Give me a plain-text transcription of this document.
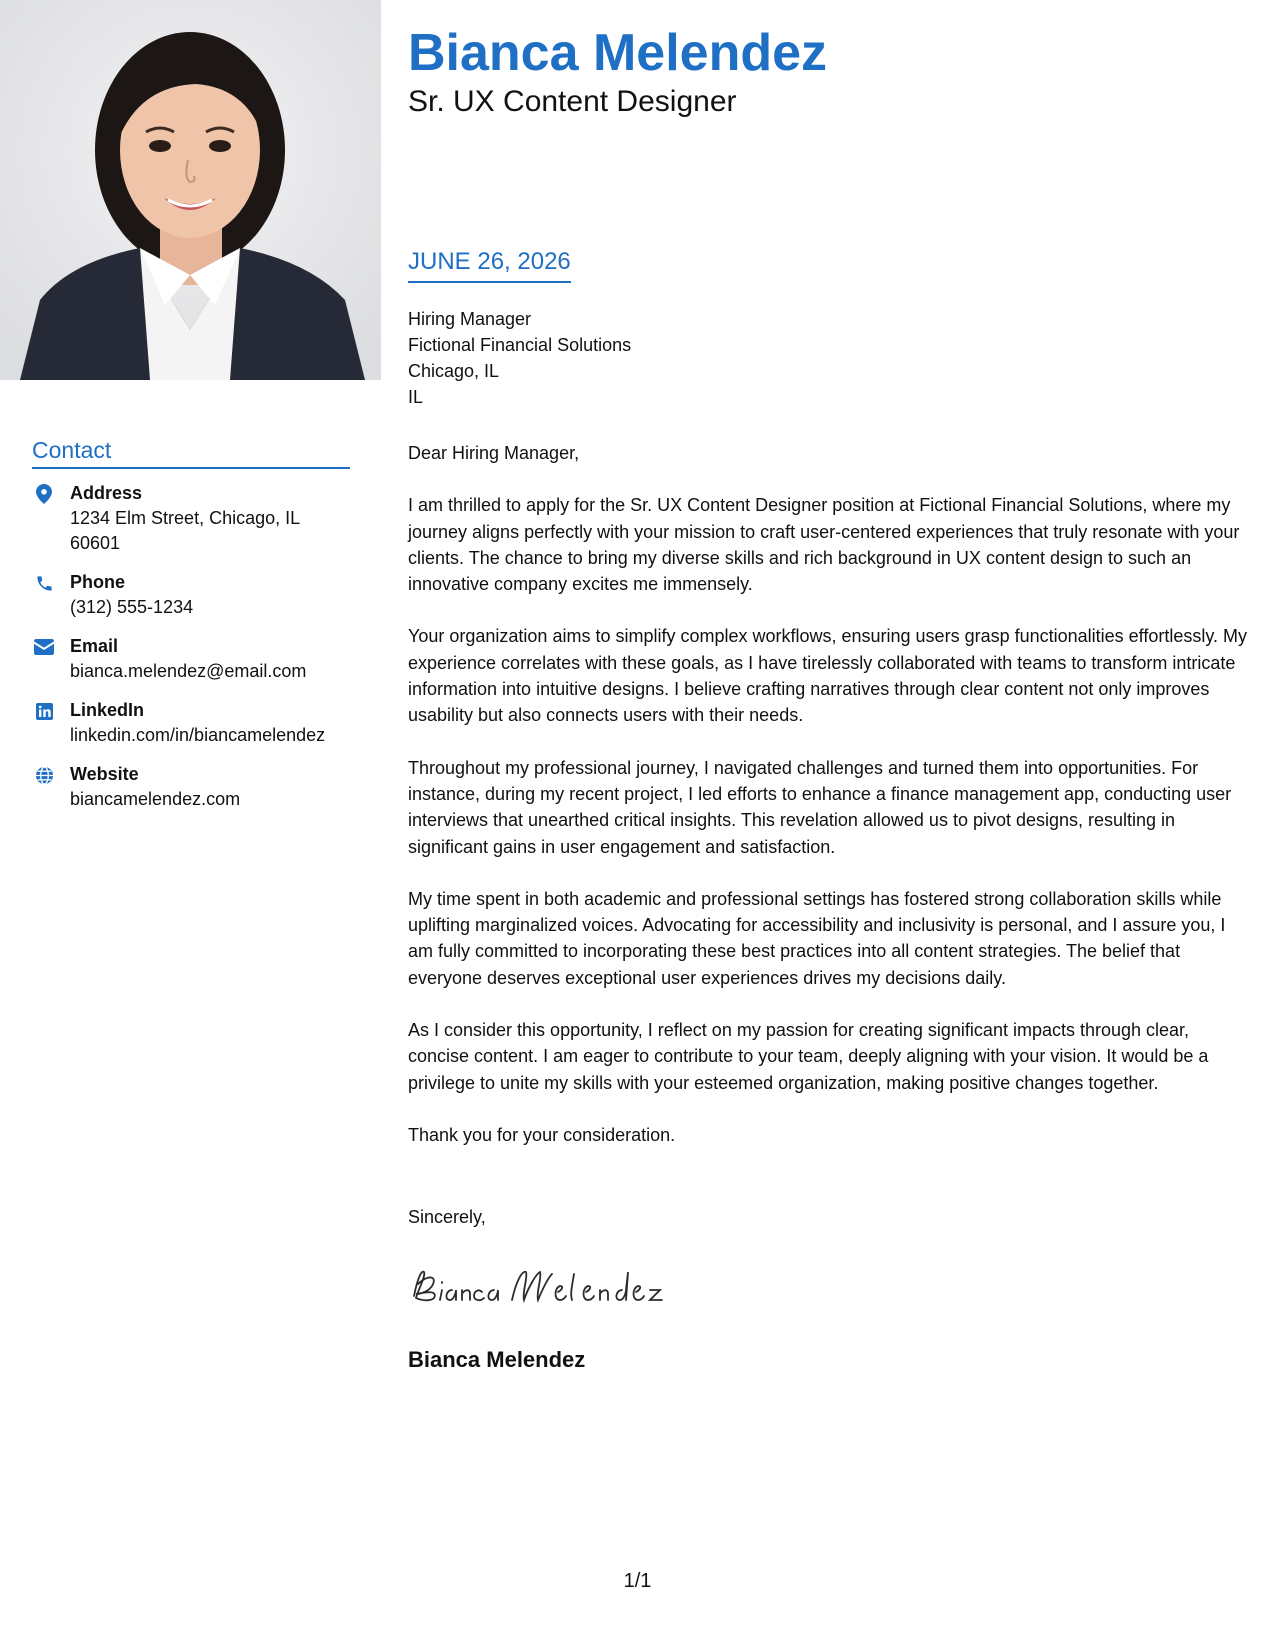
Contact
Address
1234 Elm Street, Chicago, IL
60601
Phone
(312) 555-1234
Email
bianca.melendez@email.com
LinkedIn
linkedin.com/in/biancamelendez
Website
biancamelendez.com
Bianca Melendez
Sr. UX Content Designer
JUNE 26, 2026
Hiring Manager
Fictional Financial Solutions
Chicago, IL
IL

Dear Hiring Manager,

I am thrilled to apply for the Sr. UX Content Designer position at Fictional Financial Solutions, where my journey aligns perfectly with your mission to craft user-centered experiences that truly resonate with your clients. The chance to bring my diverse skills and rich background in UX content design to such an innovative company excites me immensely.

Your organization aims to simplify complex workflows, ensuring users grasp functionalities effortlessly. My experience correlates with these goals, as I have tirelessly collaborated with teams to transform intricate information into intuitive designs. I believe crafting narratives through clear content not only improves usability but also connects users with their needs.

Throughout my professional journey, I navigated challenges and turned them into opportunities. For instance, during my recent project, I led efforts to enhance a finance management app, conducting user interviews that unearthed critical insights. This revelation allowed us to pivot designs, resulting in significant gains in user engagement and satisfaction.

My time spent in both academic and professional settings has fostered strong collaboration skills while uplifting marginalized voices. Advocating for accessibility and inclusivity is personal, and I assure you, I am fully committed to incorporating these best practices into all content strategies. The belief that everyone deserves exceptional user experiences drives my decisions daily.

As I consider this opportunity, I reflect on my passion for creating significant impacts through clear, concise content. I am eager to contribute to your team, deeply aligning with your vision. It would be a privilege to unite my skills with your esteemed organization, making positive changes together.

Thank you for your consideration.

Sincerely,
Bianca Melendez
1/1
